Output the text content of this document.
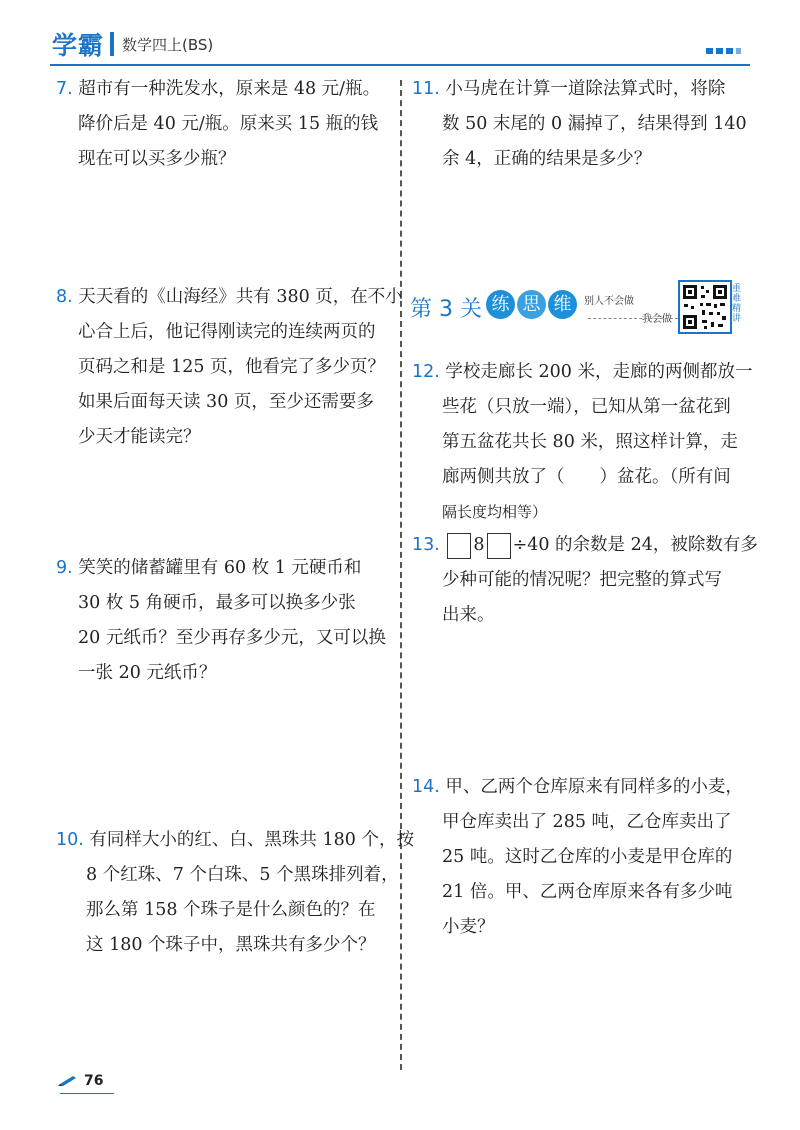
学霸 数学四上(BS)
7. 超市有一种洗发水，原来是 48 元/瓶。
降价后是 40 元/瓶。原来买 15 瓶的钱
现在可以买多少瓶？
8. 天天看的《山海经》共有 380 页，在不小
心合上后，他记得刚读完的连续两页的
页码之和是 125 页，他看完了多少页？
如果后面每天读 30 页，至少还需要多
少天才能读完？
9. 笑笑的储蓄罐里有 60 枚 1 元硬币和
30 枚 5 角硬币，最多可以换多少张
20 元纸币？至少再存多少元，又可以换
一张 20 元纸币？
10. 有同样大小的红、白、黑珠共 180 个，按
8 个红珠、7 个白珠、5 个黑珠排列着，
那么第 158 个珠子是什么颜色的？在
这 180 个珠子中，黑珠共有多少个？
11. 小马虎在计算一道除法算式时，将除
数 50 末尾的 0 漏掉了，结果得到 140
余 4，正确的结果是多少？
第 3 关 练 思 维	别人不会做
我会做
重难精讲
12. 学校走廊长 200 米，走廊的两侧都放一
些花（只放一端），已知从第一盆花到
第五盆花共长 80 米，照这样计算，走
廊两侧共放了（　　）盆花。（所有间
隔长度均相等）
13. 8 ÷40 的余数是 24，被除数有多
少种可能的情况呢？把完整的算式写
出来。
14. 甲、乙两个仓库原来有同样多的小麦，
甲仓库卖出了 285 吨，乙仓库卖出了
25 吨。这时乙仓库的小麦是甲仓库的
21 倍。甲、乙两仓库原来各有多少吨
小麦？
76
